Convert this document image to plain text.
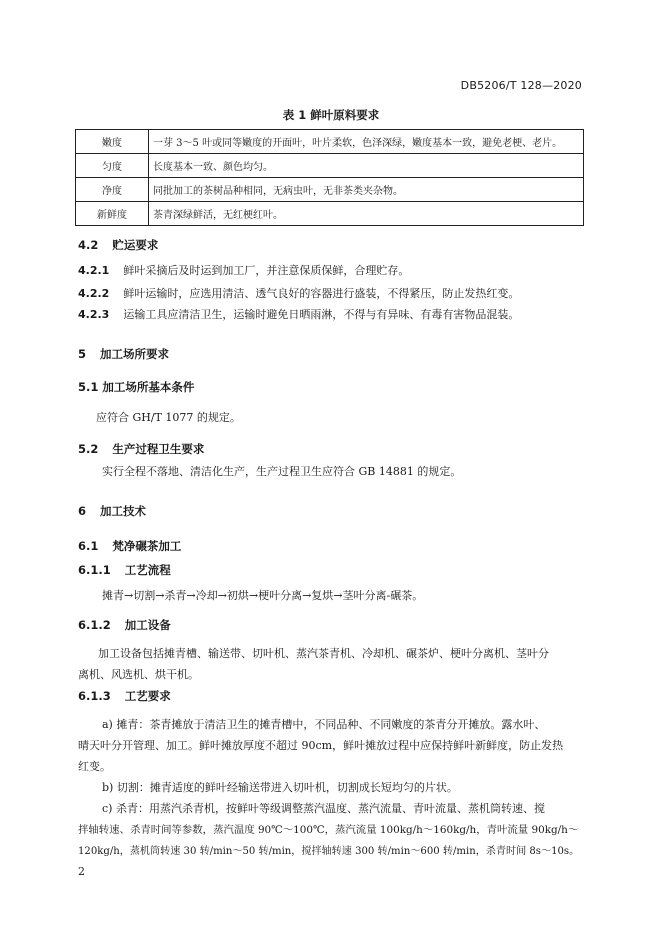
DB5206/T 128—2020
表 1 鲜叶原料要求
嫩度	一芽 3～5 叶或同等嫩度的开面叶，叶片柔软，色泽深绿，嫩度基本一致，避免老梗、老片。
匀度	长度基本一致、颜色均匀。
净度	同批加工的茶树品种相同，无病虫叶，无非茶类夹杂物。
新鲜度	茶青深绿鲜活，无红梗红叶。
4.2 贮运要求
4.2.1 鲜叶采摘后及时运到加工厂，并注意保质保鲜，合理贮存。
4.2.2 鲜叶运输时，应选用清洁、透气良好的容器进行盛装，不得紧压，防止发热红变。
4.2.3 运输工具应清洁卫生，运输时避免日晒雨淋，不得与有异味、有毒有害物品混装。
5 加工场所要求
5.1 加工场所基本条件
应符合 GH/T 1077 的规定。
5.2 生产过程卫生要求
实行全程不落地、清洁化生产，生产过程卫生应符合 GB 14881 的规定。
6 加工技术
6.1 梵净碾茶加工
6.1.1 工艺流程
摊青→切割→杀青→冷却→初烘→梗叶分离→复烘→茎叶分离-碾茶。
6.1.2 加工设备
加工设备包括摊青槽、输送带、切叶机、蒸汽茶青机、冷却机、碾茶炉、梗叶分离机、茎叶分
离机、风选机、烘干机。
6.1.3 工艺要求
a) 摊青：茶青摊放于清洁卫生的摊青槽中，不同品种、不同嫩度的茶青分开摊放。露水叶、
晴天叶分开管理、加工。鲜叶摊放厚度不超过 90cm，鲜叶摊放过程中应保持鲜叶新鲜度，防止发热
红变。
b) 切割：摊青适度的鲜叶经输送带进入切叶机，切割成长短均匀的片状。
c) 杀青：用蒸汽杀青机，按鲜叶等级调整蒸汽温度、蒸汽流量、青叶流量、蒸机筒转速、搅
拌轴转速、杀青时间等参数，蒸汽温度 90℃～100℃，蒸汽流量 100kg/h～160kg/h，青叶流量 90kg/h～
120kg/h，蒸机筒转速 30 转/min～50 转/min，搅拌轴转速 300 转/min～600 转/min，杀青时间 8s～10s。
2
